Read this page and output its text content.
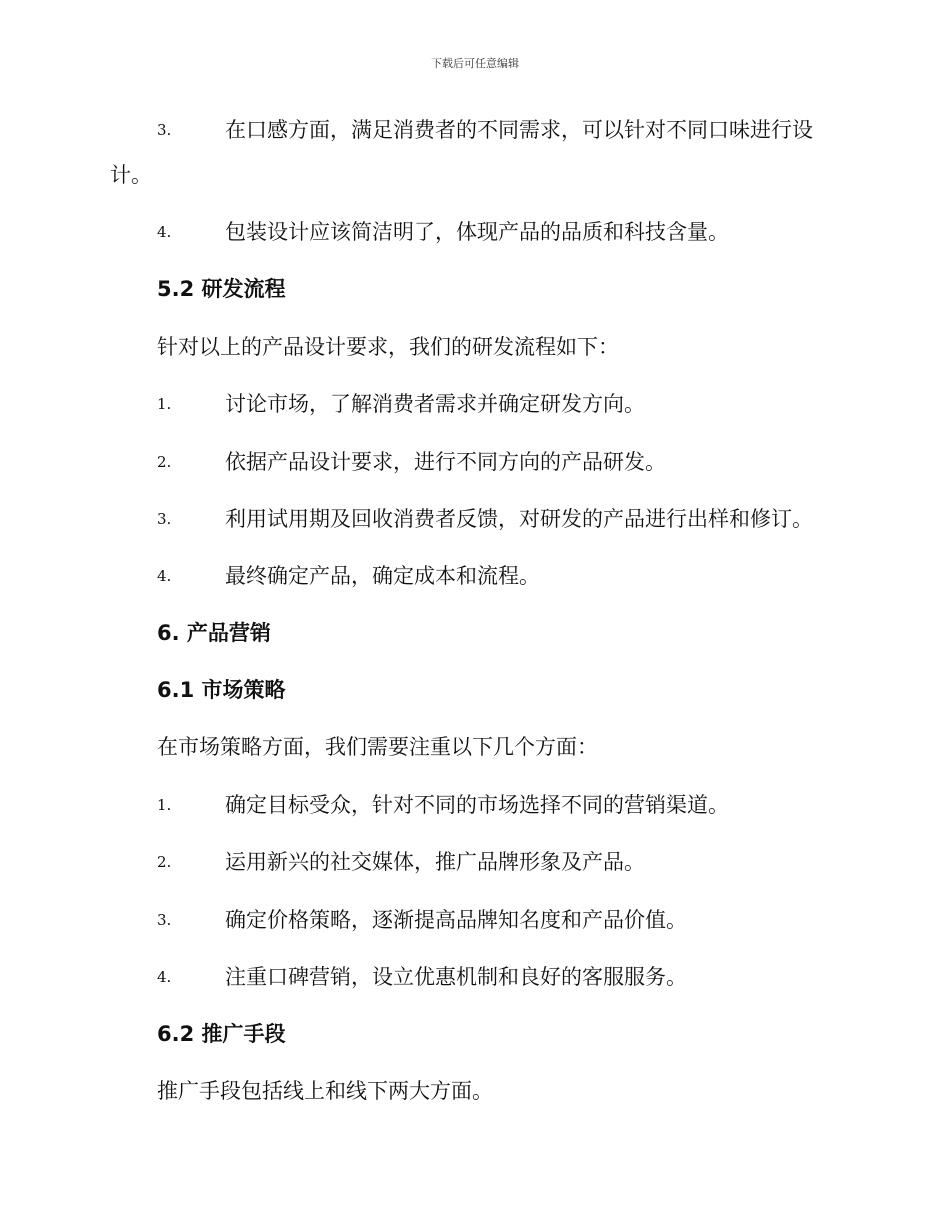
下载后可任意编辑
3.	在口感方面，满足消费者的不同需求，可以针对不同口味进行设
计。
4.	包装设计应该简洁明了，体现产品的品质和科技含量。
5.2 研发流程
针对以上的产品设计要求，我们的研发流程如下：
1.	讨论市场，了解消费者需求并确定研发方向。
2.	依据产品设计要求，进行不同方向的产品研发。
3.	利用试用期及回收消费者反馈，对研发的产品进行出样和修订。
4.	最终确定产品，确定成本和流程。
6. 产品营销
6.1 市场策略
在市场策略方面，我们需要注重以下几个方面：
1.	确定目标受众，针对不同的市场选择不同的营销渠道。
2.	运用新兴的社交媒体，推广品牌形象及产品。
3.	确定价格策略，逐渐提高品牌知名度和产品价值。
4.	注重口碑营销，设立优惠机制和良好的客服服务。
6.2 推广手段
推广手段包括线上和线下两大方面。
